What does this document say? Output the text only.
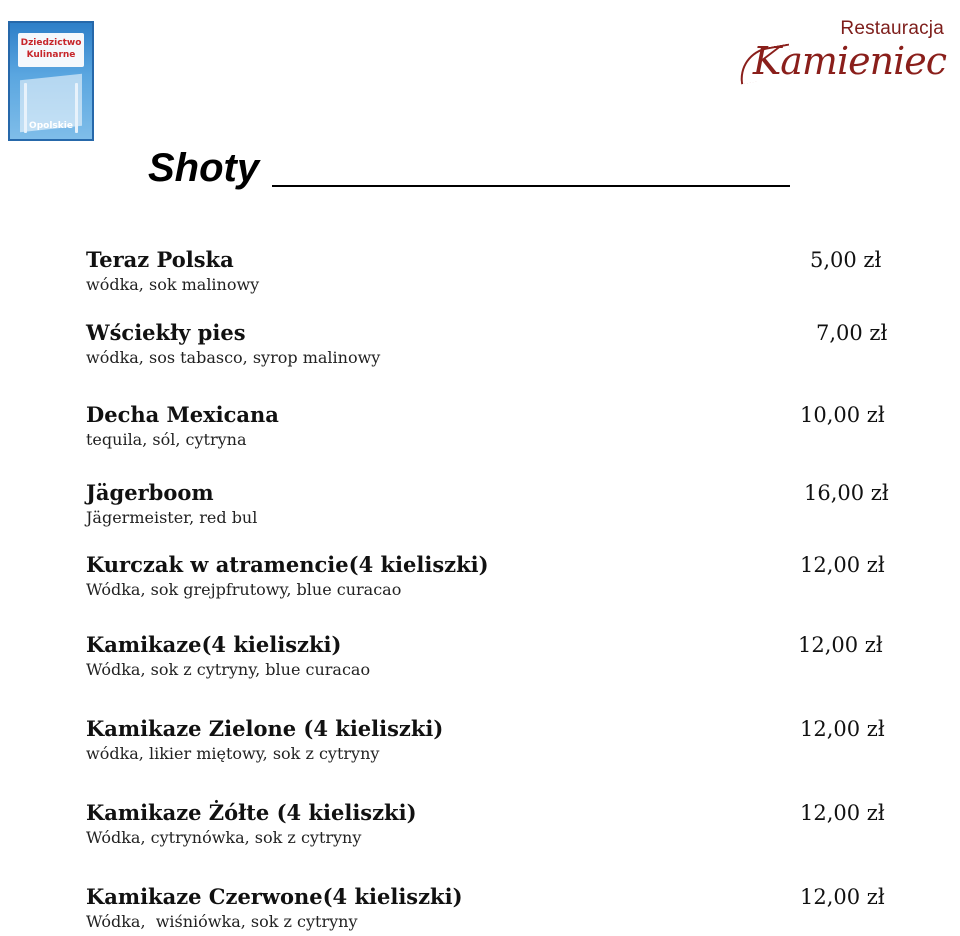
Dziedzictwo
Kulinarne
Opolskie
Restauracja
Kamieniec
Shoty
Teraz Polska
wódka, sok malinowy
5,00 zł
Wściekły pies
wódka, sos tabasco, syrop malinowy
7,00 zł
Decha Mexicana
tequila, sól, cytryna
10,00 zł
Jägerboom
Jägermeister, red bul
16,00 zł
Kurczak w atramencie(4 kieliszki)
Wódka, sok grejpfrutowy, blue curacao
12,00 zł
Kamikaze(4 kieliszki)
Wódka, sok z cytryny, blue curacao
12,00 zł
Kamikaze Zielone (4 kieliszki)
wódka, likier miętowy, sok z cytryny
12,00 zł
Kamikaze Żółte (4 kieliszki)
Wódka, cytrynówka, sok z cytryny
12,00 zł
Kamikaze Czerwone(4 kieliszki)
Wódka,  wiśniówka, sok z cytryny
12,00 zł
